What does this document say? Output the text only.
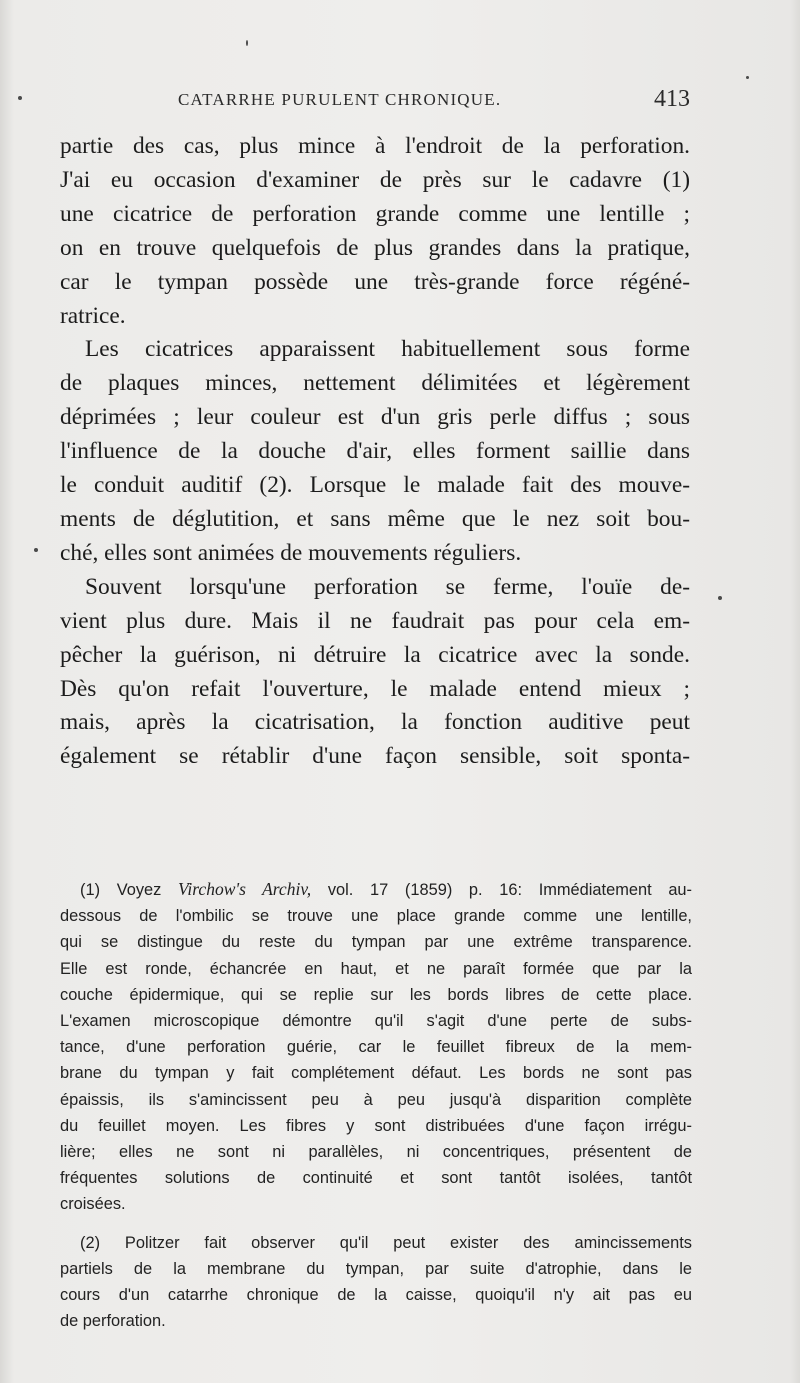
CATARRHE PURULENT CHRONIQUE.	413
partie des cas, plus mince à l'endroit de la perforation.
J'ai eu occasion d'examiner de près sur le cadavre (1)
une cicatrice de perforation grande comme une lentille ;
on en trouve quelquefois de plus grandes dans la pratique,
car le tympan possède une très-grande force régéné-
ratrice.
Les cicatrices apparaissent habituellement sous forme
de plaques minces, nettement délimitées et légèrement
déprimées ; leur couleur est d'un gris perle diffus ; sous
l'influence de la douche d'air, elles forment saillie dans
le conduit auditif (2). Lorsque le malade fait des mouve-
ments de déglutition, et sans même que le nez soit bou-
ché, elles sont animées de mouvements réguliers.
Souvent lorsqu'une perforation se ferme, l'ouïe de-
vient plus dure. Mais il ne faudrait pas pour cela em-
pêcher la guérison, ni détruire la cicatrice avec la sonde.
Dès qu'on refait l'ouverture, le malade entend mieux ;
mais, après la cicatrisation, la fonction auditive peut
également se rétablir d'une façon sensible, soit sponta-
(1) Voyez Virchow's Archiv, vol. 17 (1859) p. 16: Immédiatement au-
dessous de l'ombilic se trouve une place grande comme une lentille,
qui se distingue du reste du tympan par une extrême transparence.
Elle est ronde, échancrée en haut, et ne paraît formée que par la
couche épidermique, qui se replie sur les bords libres de cette place.
L'examen microscopique démontre qu'il s'agit d'une perte de subs-
tance, d'une perforation guérie, car le feuillet fibreux de la mem-
brane du tympan y fait complétement défaut. Les bords ne sont pas
épaissis, ils s'amincissent peu à peu jusqu'à disparition complète
du feuillet moyen. Les fibres y sont distribuées d'une façon irrégu-
lière; elles ne sont ni parallèles, ni concentriques, présentent de
fréquentes solutions de continuité et sont tantôt isolées, tantôt
croisées.
(2) Politzer fait observer qu'il peut exister des amincissements
partiels de la membrane du tympan, par suite d'atrophie, dans le
cours d'un catarrhe chronique de la caisse, quoiqu'il n'y ait pas eu
de perforation.
